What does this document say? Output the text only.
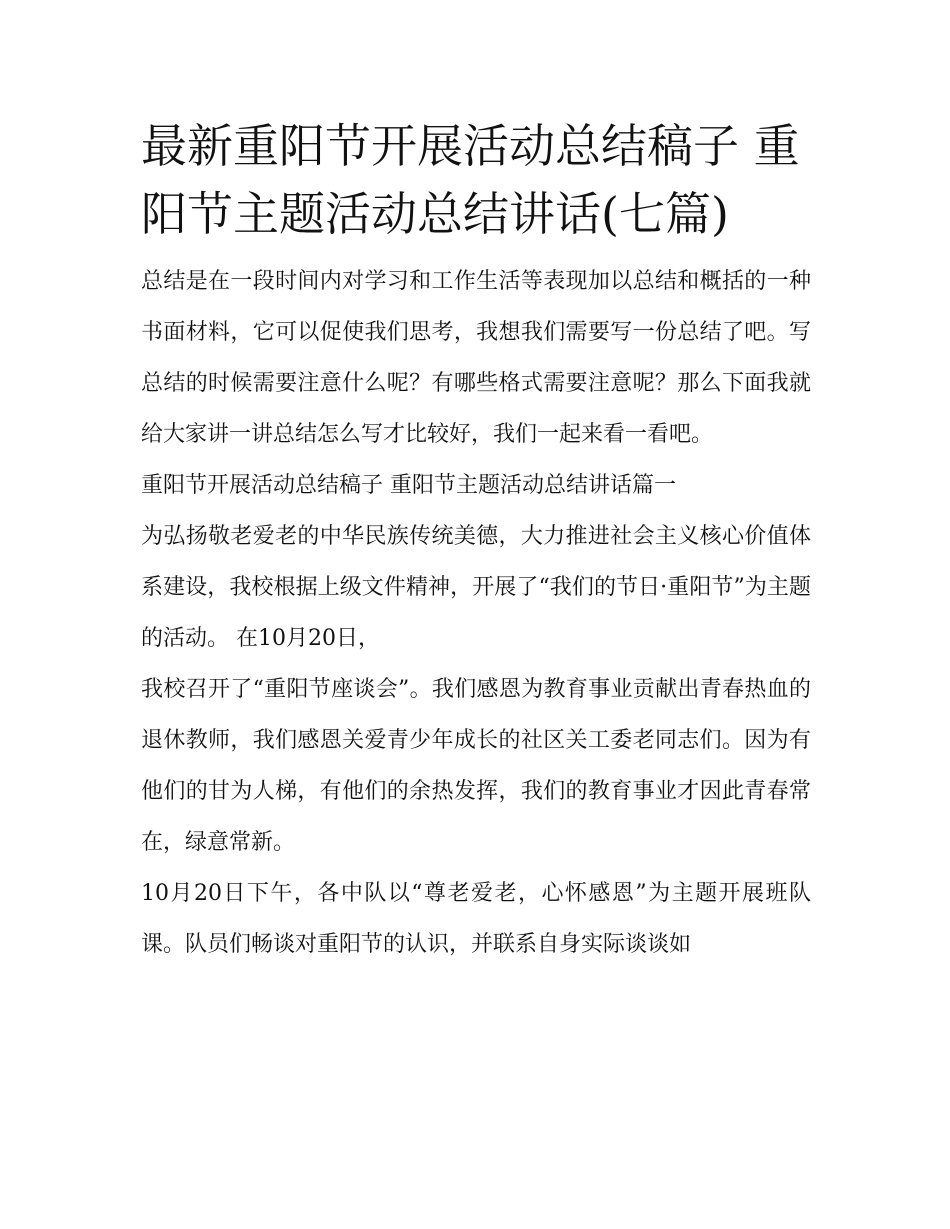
最新重阳节开展活动总结稿子 重阳节主题活动总结讲话(七篇)

总结是在一段时间内对学习和工作生活等表现加以总结和概括的一种书面材料，它可以促使我们思考，我想我们需要写一份总结了吧。写总结的时候需要注意什么呢？有哪些格式需要注意呢？那么下面我就给大家讲一讲总结怎么写才比较好，我们一起来看一看吧。

重阳节开展活动总结稿子 重阳节主题活动总结讲话篇一

为弘扬敬老爱老的中华民族传统美德，大力推进社会主义核心价值体系建设，我校根据上级文件精神，开展了“我们的节日·重阳节”为主题的活动。 在10月20日，

我校召开了“重阳节座谈会”。我们感恩为教育事业贡献出青春热血的退休教师，我们感恩关爱青少年成长的社区关工委老同志们。因为有他们的甘为人梯，有他们的余热发挥，我们的教育事业才因此青春常在，绿意常新。

10月20日下午，各中队以“尊老爱老，心怀感恩”为主题开展班队课。队员们畅谈对重阳节的认识，并联系自身实际谈谈如
